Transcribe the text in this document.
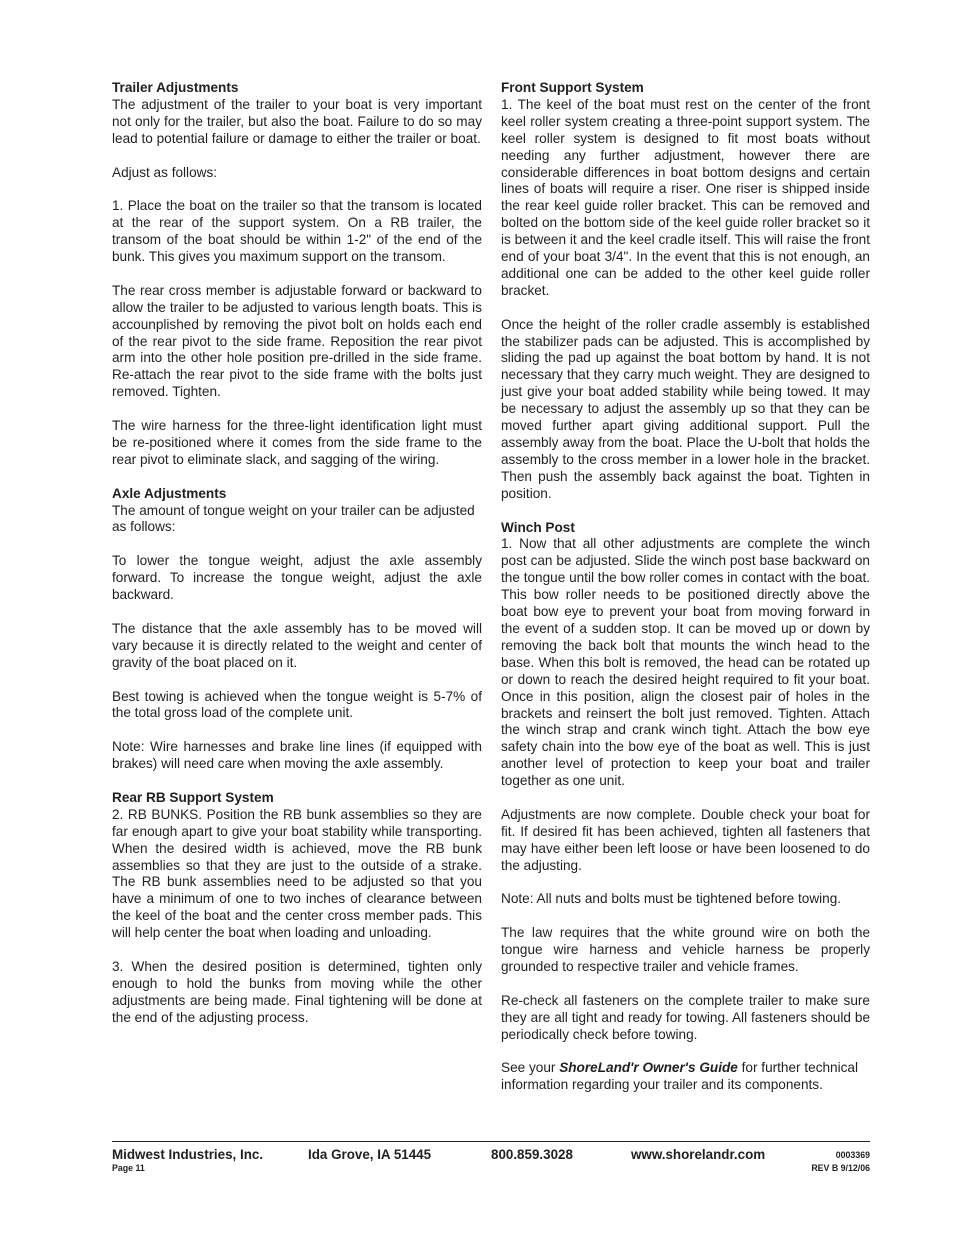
Trailer Adjustments

The adjustment of the trailer to your boat is very important not only for the trailer, but also the boat. Failure to do so may lead to potential failure or damage to either the trailer or boat.

Adjust as follows:

1. Place the boat on the trailer so that the transom is located at the rear of the support system. On a RB trailer, the transom of the boat should be within 1-2" of the end of the bunk. This gives you maximum support on the transom.

The rear cross member is adjustable forward or backward to allow the trailer to be adjusted to various length boats. This is accounplished by removing the pivot bolt on holds each end of the rear pivot to the side frame. Reposition the rear pivot arm into the other hole position pre-drilled in the side frame. Re-attach the rear pivot to the side frame with the bolts just removed. Tighten.

The wire harness for the three-light identification light must be re-positioned where it comes from the side frame to the rear pivot to eliminate slack, and sagging of the wiring.

Axle Adjustments

The amount of tongue weight on your trailer can be adjusted as follows:

To lower the tongue weight, adjust the axle assembly forward. To increase the tongue weight, adjust the axle backward.

The distance that the axle assembly has to be moved will vary because it is directly related to the weight and center of gravity of the boat placed on it.

Best towing is achieved when the tongue weight is 5-7% of the total gross load of the complete unit.

Note: Wire harnesses and brake line lines (if equipped with brakes) will need care when moving the axle assembly.

Rear RB Support System

2. RB BUNKS. Position the RB bunk assemblies so they are far enough apart to give your boat stability while transporting. When the desired width is achieved, move the RB bunk assemblies so that they are just to the outside of a strake. The RB bunk assemblies need to be adjusted so that you have a minimum of one to two inches of clearance between the keel of the boat and the center cross member pads. This will help center the boat when loading and unloading.

3. When the desired position is determined, tighten only enough to hold the bunks from moving while the other adjustments are being made. Final tightening will be done at the end of the adjusting process.

Front Support System

1. The keel of the boat must rest on the center of the front keel roller system creating a three-point support system. The keel roller system is designed to fit most boats without needing any further adjustment, however there are considerable differences in boat bottom designs and certain lines of boats will require a riser. One riser is shipped inside the rear keel guide roller bracket. This can be removed and bolted on the bottom side of the keel guide roller bracket so it is between it and the keel cradle itself. This will raise the front end of your boat 3/4". In the event that this is not enough, an additional one can be added to the other keel guide roller bracket.

Once the height of the roller cradle assembly is established the stabilizer pads can be adjusted. This is accomplished by sliding the pad up against the boat bottom by hand. It is not necessary that they carry much weight. They are designed to just give your boat added stability while being towed. It may be necessary to adjust the assembly up so that they can be moved further apart giving additional support. Pull the assembly away from the boat. Place the U-bolt that holds the assembly to the cross member in a lower hole in the bracket. Then push the assembly back against the boat. Tighten in position.

Winch Post

1. Now that all other adjustments are complete the winch post can be adjusted. Slide the winch post base backward on the tongue until the bow roller comes in contact with the boat. This bow roller needs to be positioned directly above the boat bow eye to prevent your boat from moving forward in the event of a sudden stop. It can be moved up or down by removing the back bolt that mounts the winch head to the base. When this bolt is removed, the head can be rotated up or down to reach the desired height required to fit your boat. Once in this position, align the closest pair of holes in the brackets and reinsert the bolt just removed. Tighten. Attach the winch strap and crank winch tight. Attach the bow eye safety chain into the bow eye of the boat as well. This is just another level of protection to keep your boat and trailer together as one unit.

Adjustments are now complete. Double check your boat for fit. If desired fit has been achieved, tighten all fasteners that may have either been left loose or have been loosened to do the adjusting.

Note: All nuts and bolts must be tightened before towing.

The law requires that the white ground wire on both the tongue wire harness and vehicle harness be properly grounded to respective trailer and vehicle frames.

Re-check all fasteners on the complete trailer to make sure they are all tight and ready for towing. All fasteners should be periodically check before towing.

See your ShoreLand'r Owner's Guide for further technical information regarding your trailer and its components.

Midwest Industries, Inc.	Ida Grove, IA 51445	800.859.3028	www.shorelandr.com
Page 11
0003369
REV B 9/12/06
